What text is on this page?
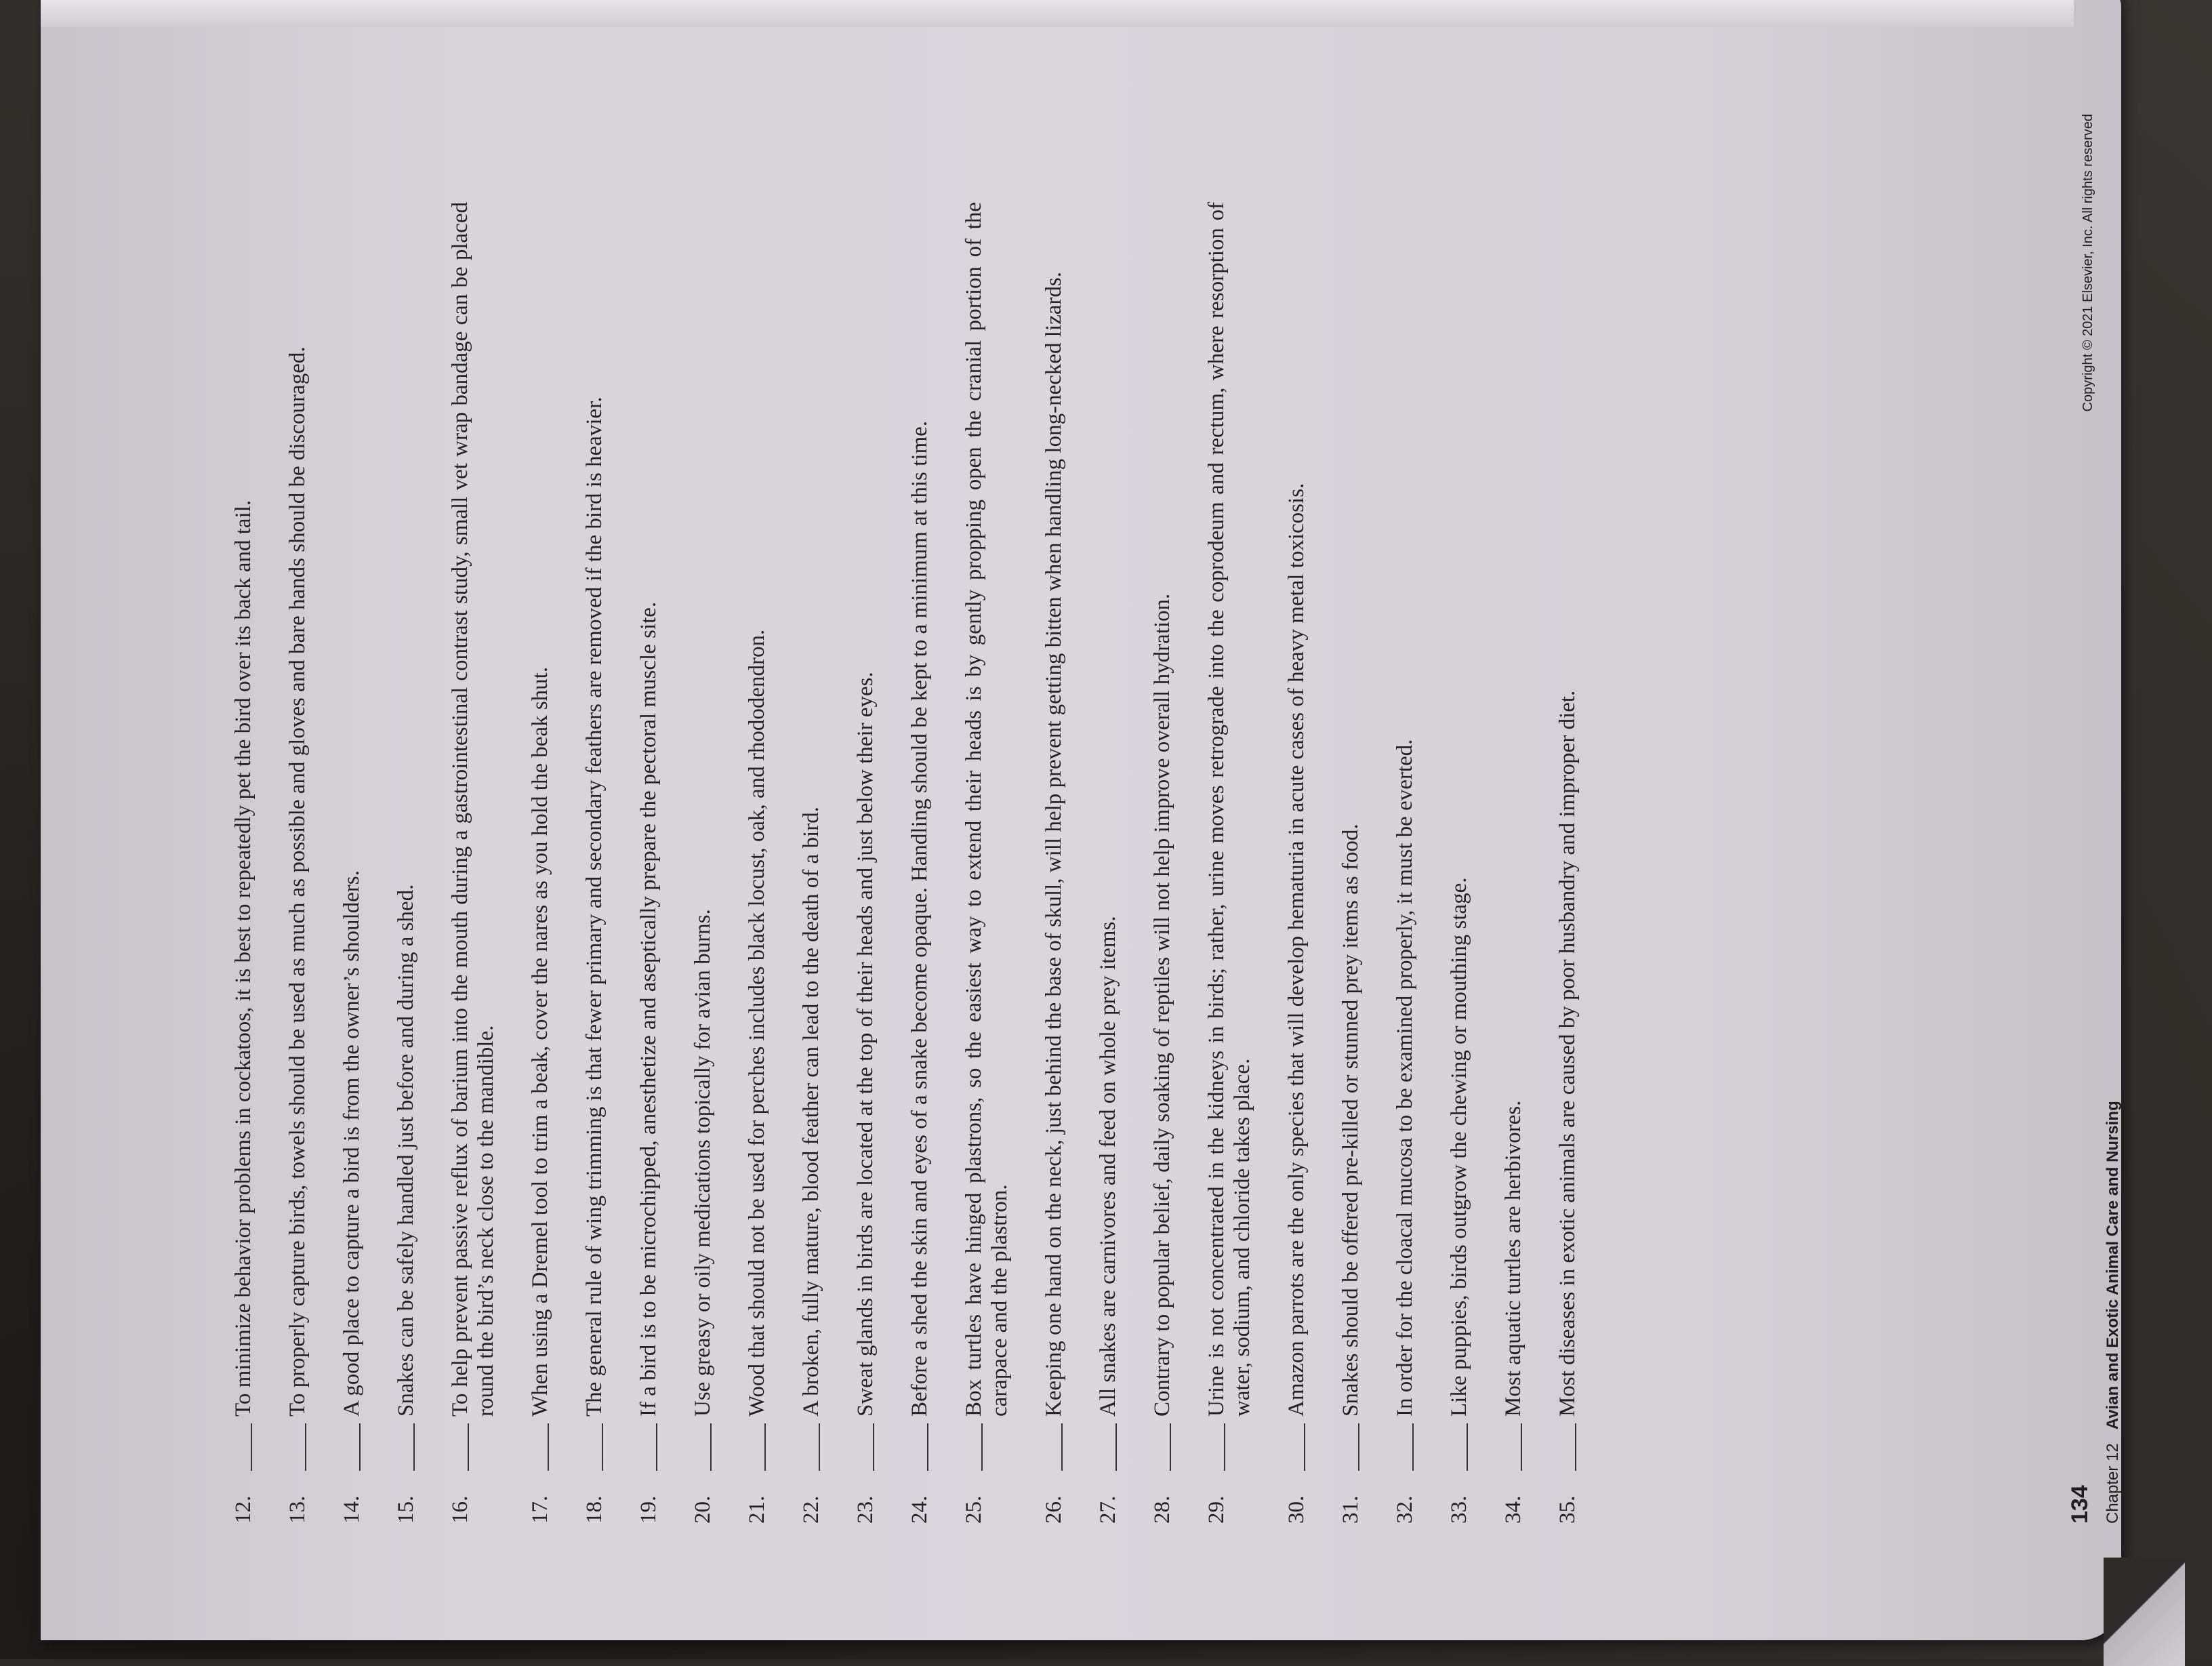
12.
To minimize behavior problems in cockatoos, it is best to repeatedly pet the bird over its back and tail.
13.
To properly capture birds, towels should be used as much as possible and gloves and bare hands should be discouraged.
14.
A good place to capture a bird is from the owner’s shoulders.
15.
Snakes can be safely handled just before and during a shed.
16.
To help prevent passive reflux of barium into the mouth during a gastrointestinal contrast study, small vet wrap bandage can be placed round the bird’s neck close to the mandible.
17.
When using a Dremel tool to trim a beak, cover the nares as you hold the beak shut.
18.
The general rule of wing trimming is that fewer primary and secondary feathers are removed if the bird is heavier.
19.
If a bird is to be microchipped, anesthetize and aseptically prepare the pectoral muscle site.
20.
Use greasy or oily medications topically for avian burns.
21.
Wood that should not be used for perches includes black locust, oak, and rhododendron.
22.
A broken, fully mature, blood feather can lead to the death of a bird.
23.
Sweat glands in birds are located at the top of their heads and just below their eyes.
24.
Before a shed the skin and eyes of a snake become opaque. Handling should be kept to a minimum at this time.
25.
Box turtles have hinged plastrons, so the easiest way to extend their heads is by gently propping open the cranial portion of the carapace and the plastron.
26.
Keeping one hand on the neck, just behind the base of skull, will help prevent getting bitten when handling long-necked lizards.
27.
All snakes are carnivores and feed on whole prey items.
28.
Contrary to popular belief, daily soaking of reptiles will not help improve overall hydration.
29.
Urine is not concentrated in the kidneys in birds; rather, urine moves retrograde into the coprodeum and rectum, where resorption of water, sodium, and chloride takes place.
30.
Amazon parrots are the only species that will develop hematuria in acute cases of heavy metal toxicosis.
31.
Snakes should be offered pre-killed or stunned prey items as food.
32.
In order for the cloacal mucosa to be examined properly, it must be everted.
33.
Like puppies, birds outgrow the chewing or mouthing stage.
34.
Most aquatic turtles are herbivores.
35.
Most diseases in exotic animals are caused by poor husbandry and improper diet.
134 Chapter 12   Avian and Exotic Animal Care and Nursing
Copyright © 2021 Elsevier, Inc. All rights reserved
